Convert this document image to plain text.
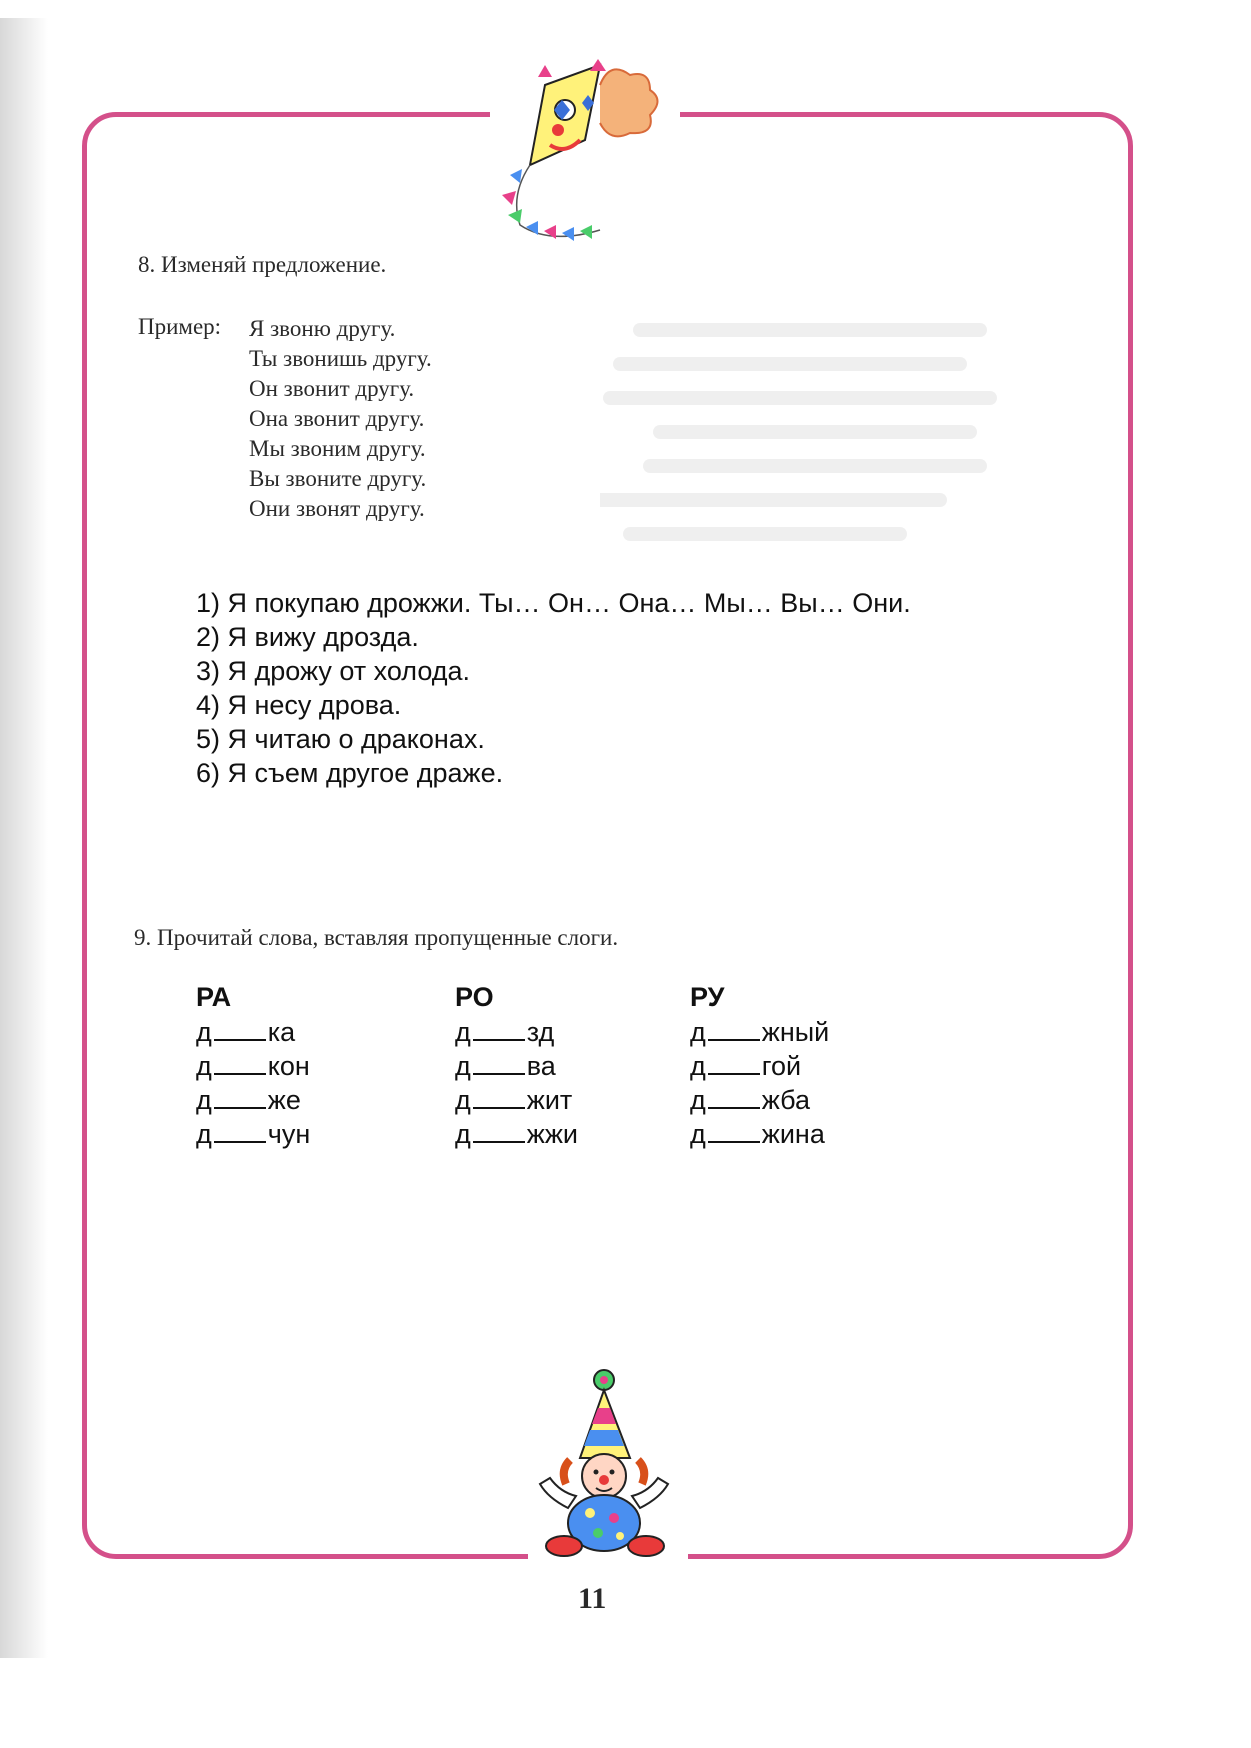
8. Изменяй предложение.
Пример: Я звоню другу.
Ты звонишь другу.
Он звонит другу.
Она звонит другу.
Мы звоним другу.
Вы звоните другу.
Они звонят другу.
1) Я покупаю дрожжи. Ты… Он… Она… Мы… Вы… Они.
2) Я вижу дрозда.
3) Я дрожу от холода.
4) Я несу дрова.
5) Я читаю о драконах.
6) Я съем другое драже.
9. Прочитай слова, вставляя пропущенные слоги.
РА
д ка
д кон
д же
д чун
РО
д зд
д ва
д жит
д жжи
РУ
д жный
д гой
д жба
д жина
11
